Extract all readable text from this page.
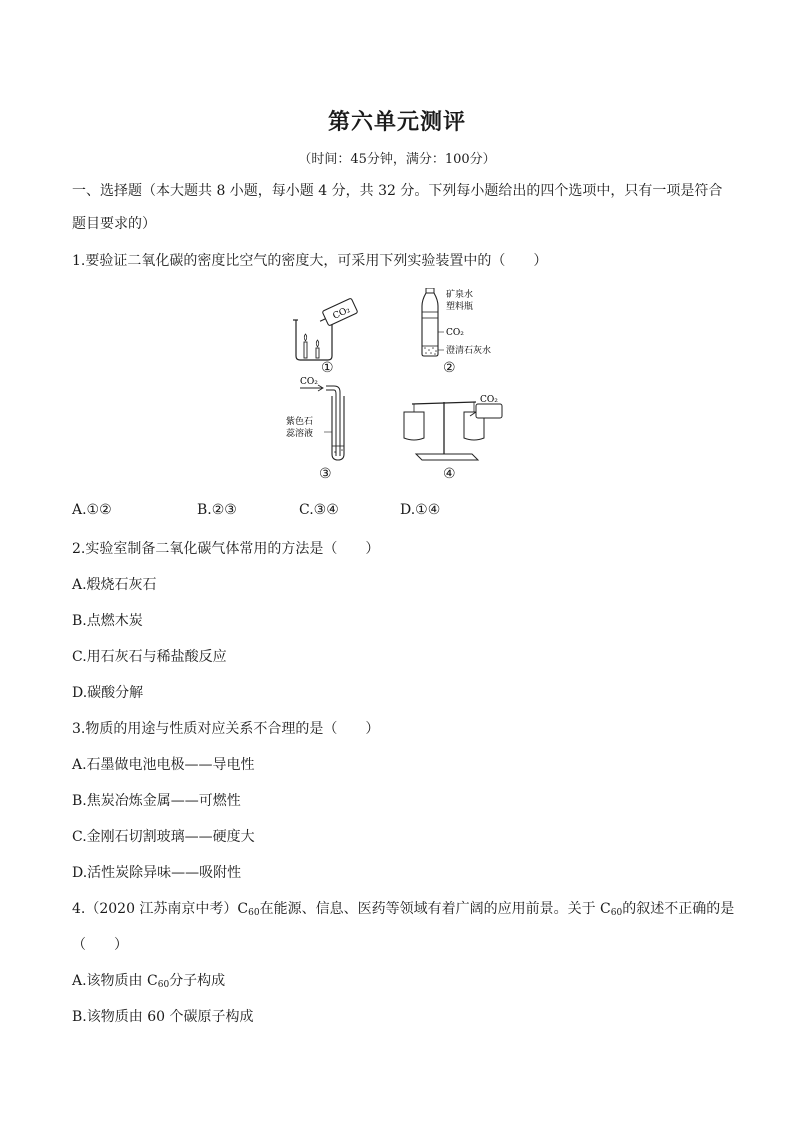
第六单元测评
（时间：45分钟，满分：100分）
一、选择题（本大题共 8 小题，每小题 4 分，共 32 分。下列每小题给出的四个选项中，只有一项是符合
题目要求的）
1.要验证二氧化碳的密度比空气的密度大，可采用下列实验装置中的（　　）
CO₂
①
矿泉水
塑料瓶
CO₂
澄清石灰水
②
CO₂
紫色石
蕊溶液
③
CO₂
④
A.①②	B.②③	C.③④	D.①④
2.实验室制备二氧化碳气体常用的方法是（　　）
A.煅烧石灰石
B.点燃木炭
C.用石灰石与稀盐酸反应
D.碳酸分解
3.物质的用途与性质对应关系不合理的是（　　）
A.石墨做电池电极——导电性
B.焦炭冶炼金属——可燃性
C.金刚石切割玻璃——硬度大
D.活性炭除异味——吸附性
4.（2020 江苏南京中考）$C_{60}$在能源、信息、医药等领域有着广阔的应用前景。关于 $C_{60}$的叙述不正确的是
（　　）
A.该物质由 $C_{60}$分子构成
B.该物质由 60 个碳原子构成
